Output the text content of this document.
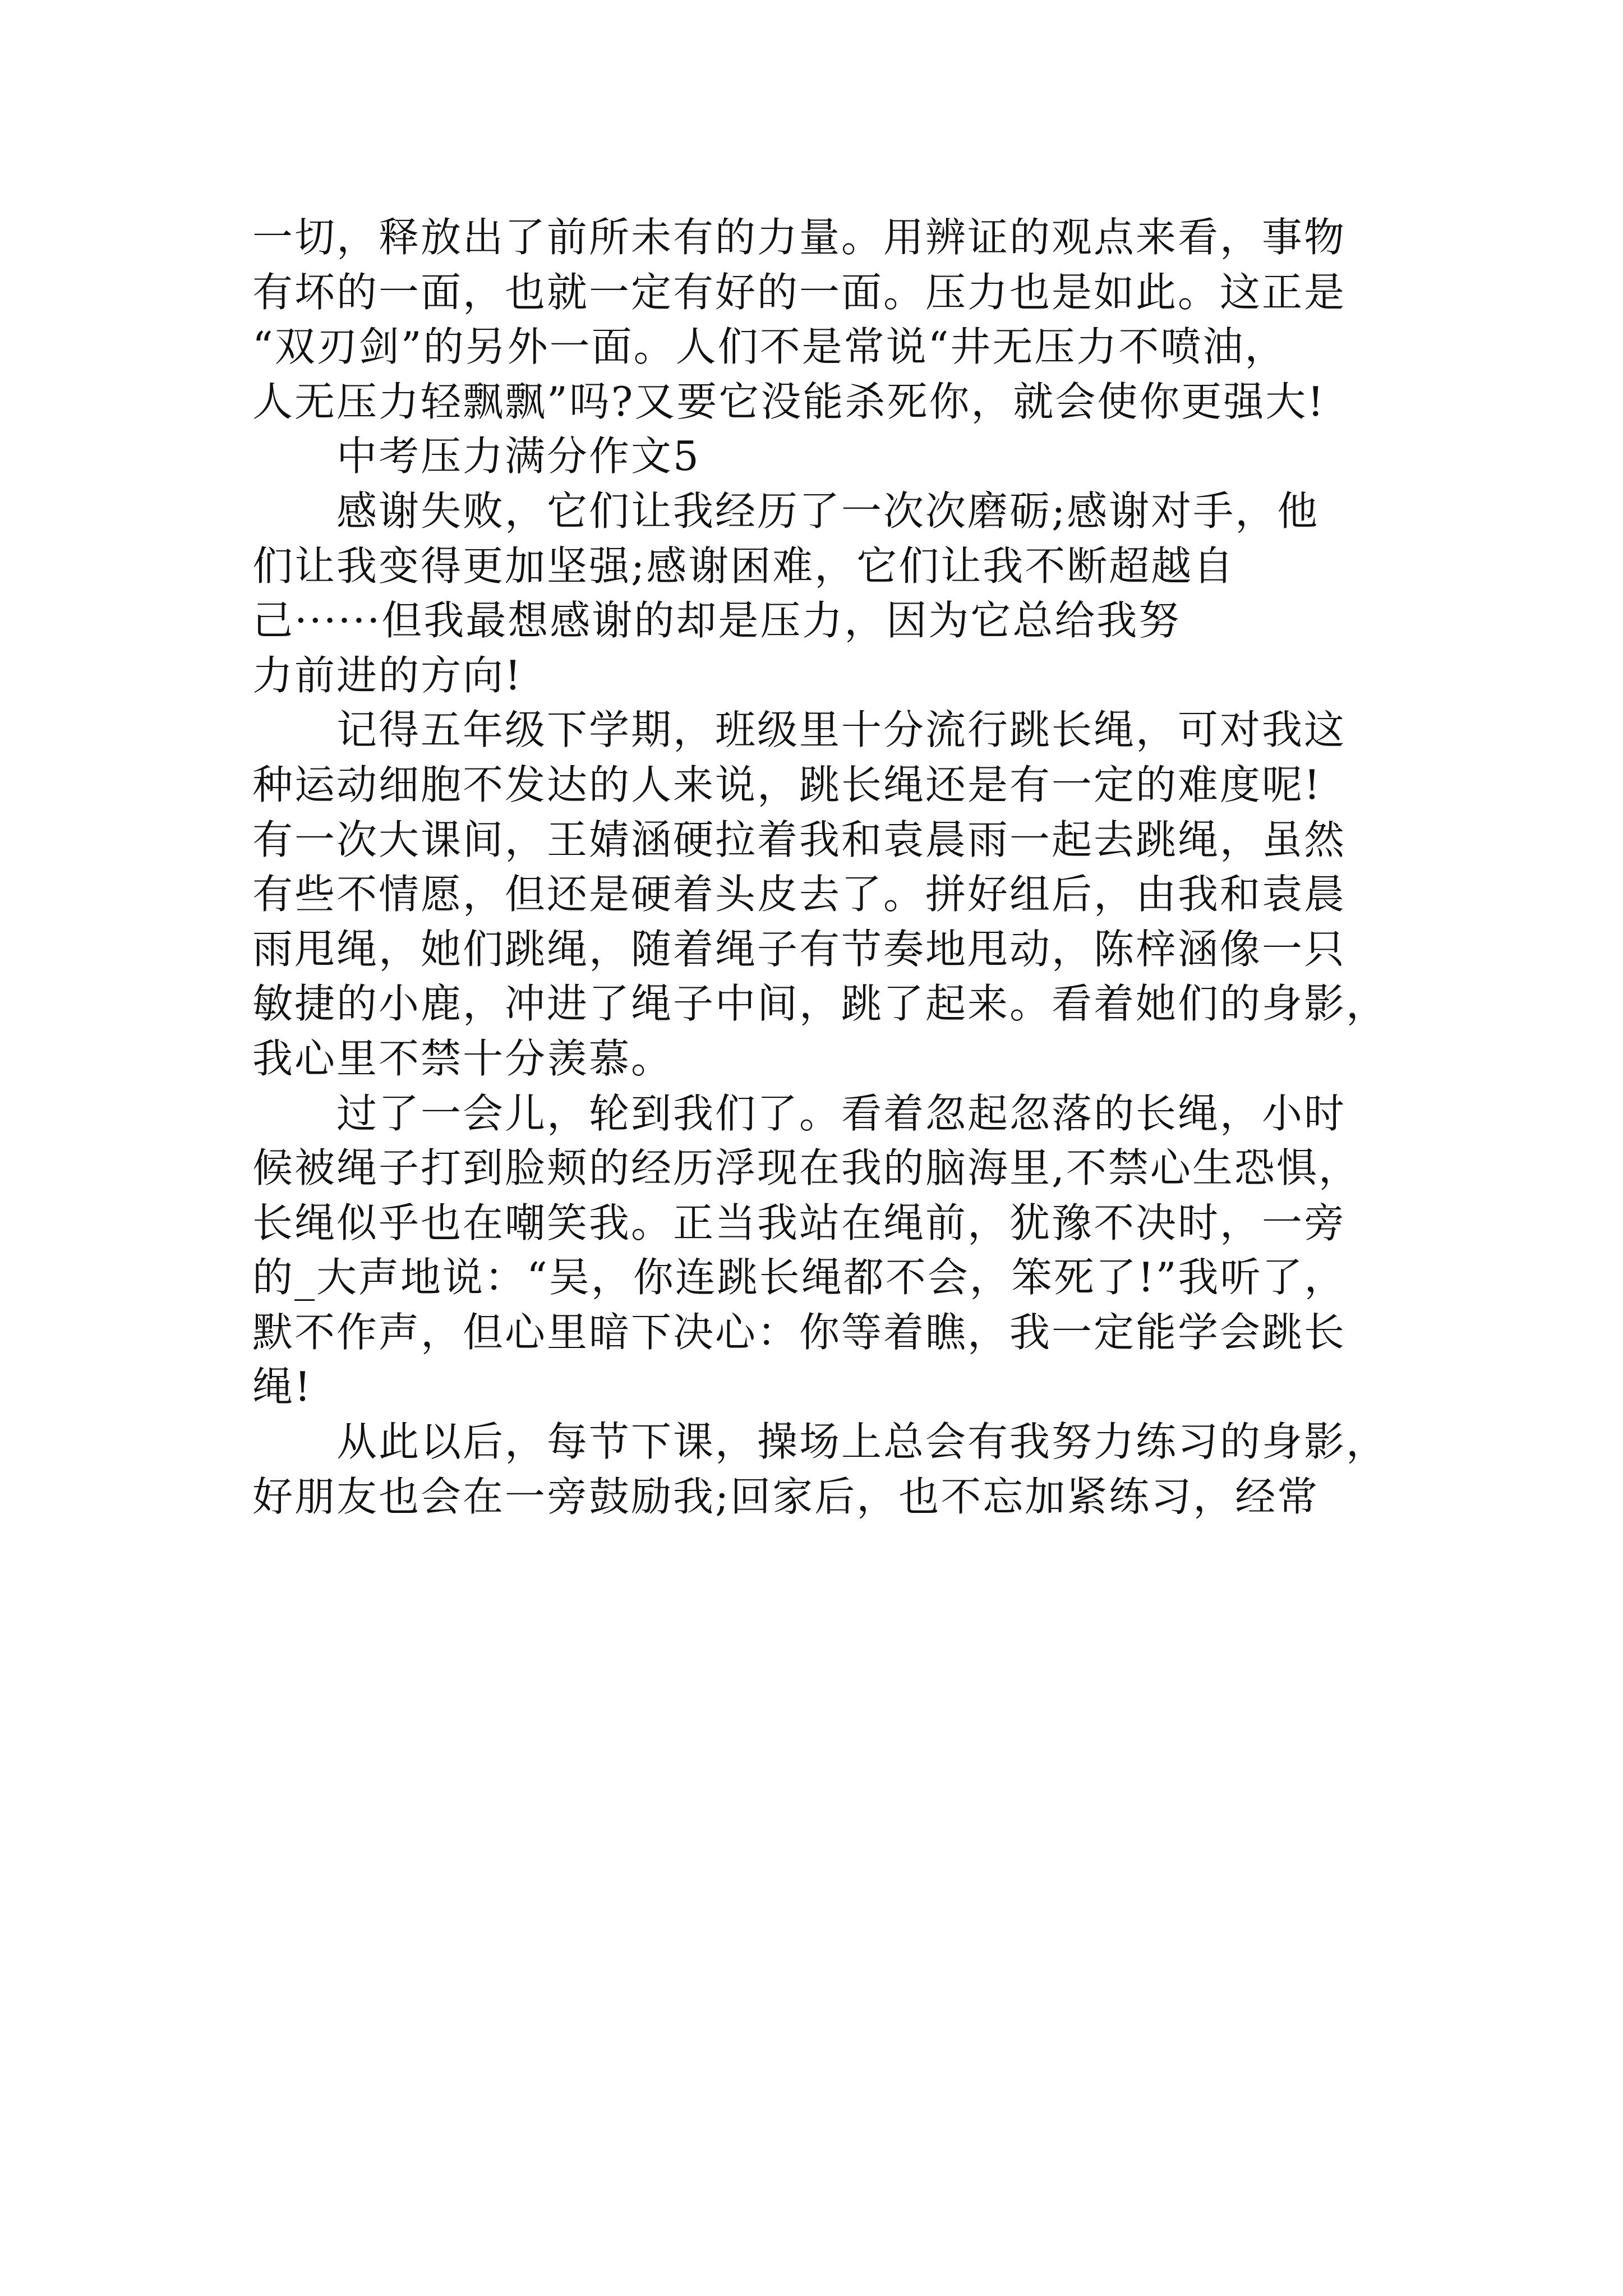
一切，释放出了前所未有的力量。用辨证的观点来看，事物
有坏的一面，也就一定有好的一面。压力也是如此。这正是
“双刃剑”的另外一面。人们不是常说“井无压力不喷油，
人无压力轻飘飘”吗?又要它没能杀死你，就会使你更强大!
中考压力满分作文5
感谢失败，它们让我经历了一次次磨砺;感谢对手，他
们让我变得更加坚强;感谢困难，它们让我不断超越自
己······但我最想感谢的却是压力，因为它总给我努
力前进的方向!
记得五年级下学期，班级里十分流行跳长绳，可对我这
种运动细胞不发达的人来说，跳长绳还是有一定的难度呢!
有一次大课间，王婧涵硬拉着我和袁晨雨一起去跳绳，虽然
有些不情愿，但还是硬着头皮去了。拼好组后，由我和袁晨
雨甩绳，她们跳绳，随着绳子有节奏地甩动，陈梓涵像一只
敏捷的小鹿，冲进了绳子中间，跳了起来。看着她们的身影，
我心里不禁十分羡慕。
过了一会儿，轮到我们了。看着忽起忽落的长绳，小时
候被绳子打到脸颊的经历浮现在我的脑海里,不禁心生恐惧，
长绳似乎也在嘲笑我。正当我站在绳前，犹豫不决时，一旁
的_大声地说：“吴，你连跳长绳都不会，笨死了!”我听了，
默不作声，但心里暗下决心：你等着瞧，我一定能学会跳长
绳!
从此以后，每节下课，操场上总会有我努力练习的身影，
好朋友也会在一旁鼓励我;回家后，也不忘加紧练习，经常
